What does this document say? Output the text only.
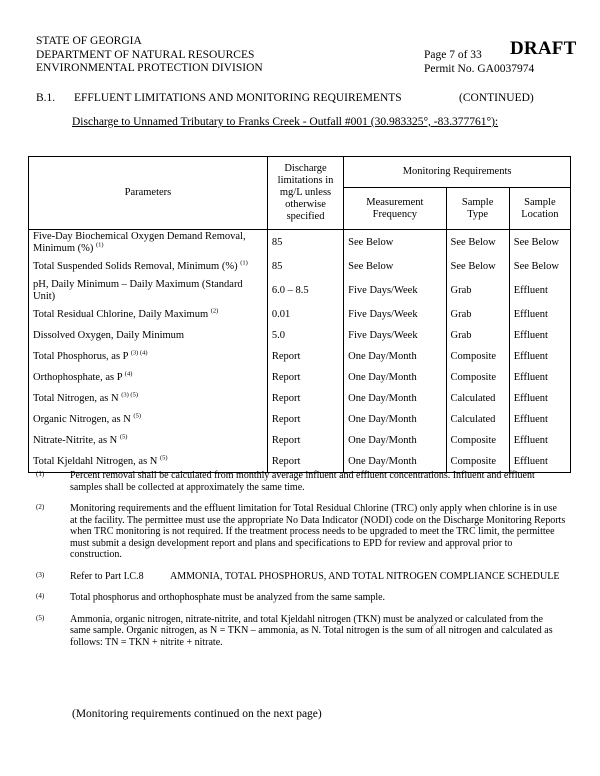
STATE OF GEORGIA
DEPARTMENT OF NATURAL RESOURCES
ENVIRONMENTAL PROTECTION DIVISION
Page 7 of 33
Permit No. GA0037974
DRAFT
B.1. EFFLUENT LIMITATIONS AND MONITORING REQUIREMENTS	(CONTINUED)
Discharge to Unnamed Tributary to Franks Creek - Outfall #001 (30.983325°, -83.377761°):
Parameters	Discharge limitations in mg/L unless otherwise specified	Monitoring Requirements		
		Measurement Frequency	Sample Type	Sample Location
Five-Day Biochemical Oxygen Demand Removal, Minimum (%) $^{(1)}$	85	See Below	See Below	See Below
Total Suspended Solids Removal, Minimum (%) $^{(1)}$	85	See Below	See Below	See Below
pH, Daily Minimum – Daily Maximum (Standard Unit)	6.0 – 8.5	Five Days/Week	Grab	Effluent
Total Residual Chlorine, Daily Maximum $^{(2)}$	0.01	Five Days/Week	Grab	Effluent
Dissolved Oxygen, Daily Minimum	5.0	Five Days/Week	Grab	Effluent
Total Phosphorus, as P $^{(3) (4)}$	Report	One Day/Month	Composite	Effluent
Orthophosphate, as P $^{(4)}$	Report	One Day/Month	Composite	Effluent
Total Nitrogen, as N $^{(3) (5)}$	Report	One Day/Month	Calculated	Effluent
Organic Nitrogen, as N $^{(5)}$	Report	One Day/Month	Calculated	Effluent
Nitrate-Nitrite, as N $^{(5)}$	Report	One Day/Month	Composite	Effluent
Total Kjeldahl Nitrogen, as N $^{(5)}$	Report	One Day/Month	Composite	Effluent
(1)	Percent removal shall be calculated from monthly average influent and effluent concentrations. Influent and effluent samples shall be collected at approximately the same time.
(2)	Monitoring requirements and the effluent limitation for Total Residual Chlorine (TRC) only apply when chlorine is in use at the facility. The permittee must use the appropriate No Data Indicator (NODI) code on the Discharge Monitoring Reports when TRC monitoring is not required. If the treatment process needs to be upgraded to meet the TRC limit, the permittee must submit a design development report and plans and specifications to EPD for review and approval prior to construction.
(3)	Refer to Part I.C.8	AMMONIA, TOTAL PHOSPHORUS, AND TOTAL NITROGEN COMPLIANCE SCHEDULE
(4)	Total phosphorus and orthophosphate must be analyzed from the same sample.
(5)	Ammonia, organic nitrogen, nitrate-nitrite, and total Kjeldahl nitrogen (TKN) must be analyzed or calculated from the same sample. Organic nitrogen, as N = TKN – ammonia, as N. Total nitrogen is the sum of all nitrogen and calculated as follows: TN = TKN + nitrite + nitrate.
(Monitoring requirements continued on the next page)
